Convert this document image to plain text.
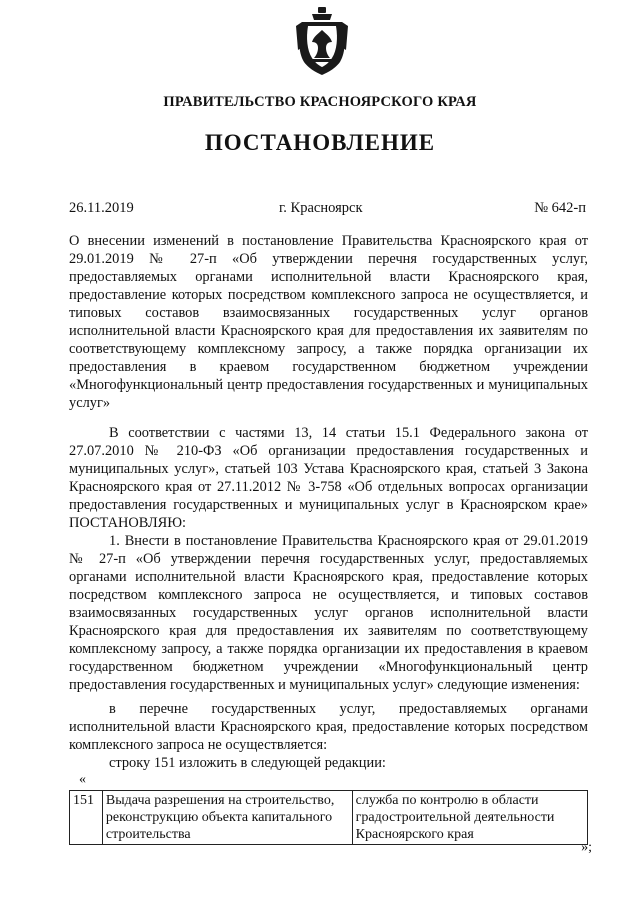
ПРАВИТЕЛЬСТВО КРАСНОЯРСКОГО КРАЯ
ПОСТАНОВЛЕНИЕ
26.11.2019	г. Красноярск	№ 642-п
О внесении изменений в постановление Правительства Красноярского края от 29.01.2019 № 27-п «Об утверждении перечня государственных услуг, предоставляемых органами исполнительной власти Красноярского края, предоставление которых посредством комплексного запроса не осуществляется, и типовых составов взаимосвязанных государственных услуг органов исполнительной власти Красноярского края для предоставления их заявителям по соответствующему комплексному запросу, а также порядка организации их предоставления в краевом государственном бюджетном учреждении «Многофункциональный центр предоставления государственных и муниципальных услуг»
В соответствии с частями 13, 14 статьи 15.1 Федерального закона от 27.07.2010 № 210-ФЗ «Об организации предоставления государственных и муниципальных услуг», статьей 103 Устава Красноярского края, статьей 3 Закона Красноярского края от 27.11.2012 № 3-758 «Об отдельных вопросах организации предоставления государственных и муниципальных услуг в Красноярском крае» ПОСТАНОВЛЯЮ:
1. Внести в постановление Правительства Красноярского края от 29.01.2019 № 27-п «Об утверждении перечня государственных услуг, предоставляемых органами исполнительной власти Красноярского края, предоставление которых посредством комплексного запроса не осуществляется, и типовых составов взаимосвязанных государственных услуг органов исполнительной власти Красноярского края для предоставления их заявителям по соответствующему комплексному запросу, а также порядка организации их предоставления в краевом государственном бюджетном учреждении «Многофункциональный центр предоставления государственных и муниципальных услуг» следующие изменения:
в перечне государственных услуг, предоставляемых органами исполнительной власти Красноярского края, предоставление которых посредством комплексного запроса не осуществляется:
строку 151 изложить в следующей редакции:
«
151	Выдача разрешения на строительство, реконструкцию объекта капитального строительства	служба по контролю в области градостроительной деятельности Красноярского края
»;
